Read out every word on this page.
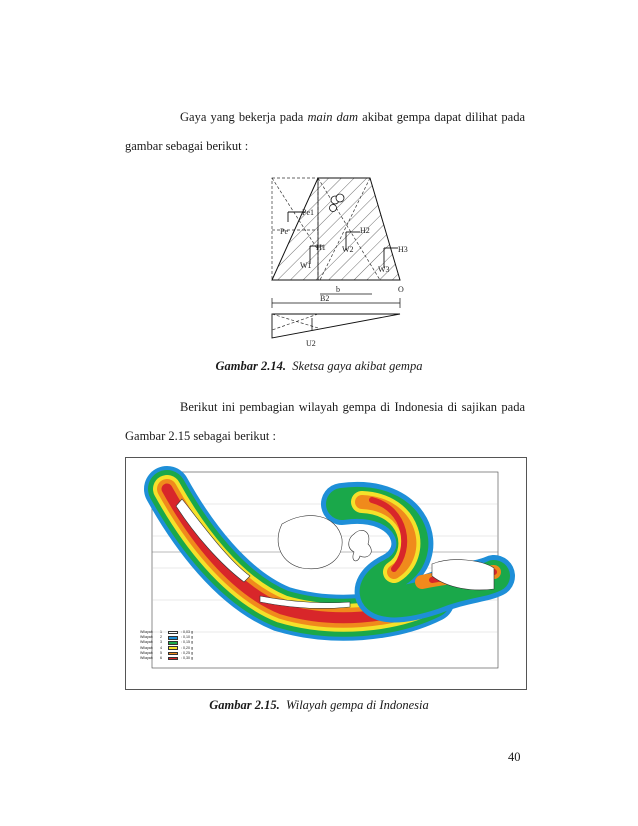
Gaya yang bekerja pada main dam akibat gempa dapat dilihat pada gambar sebagai berikut :
Pe1
Pe
H1
H2
H3
W1
W2
W3
b	O
B2
U2
Gambar 2.14. Sketsa gaya akibat gempa
Berikut ini pembagian wilayah gempa di Indonesia di sajikan pada Gambar 2.15 sebagai berikut :
Wilayah	1	: 0,03 g
Wilayah	2	: 0,10 g
Wilayah	3	: 0,15 g
Wilayah	4	: 0,20 g
Wilayah	5	: 0,25 g
Wilayah	6	: 0,30 g
Gambar 2.15. Wilayah gempa di Indonesia
40
